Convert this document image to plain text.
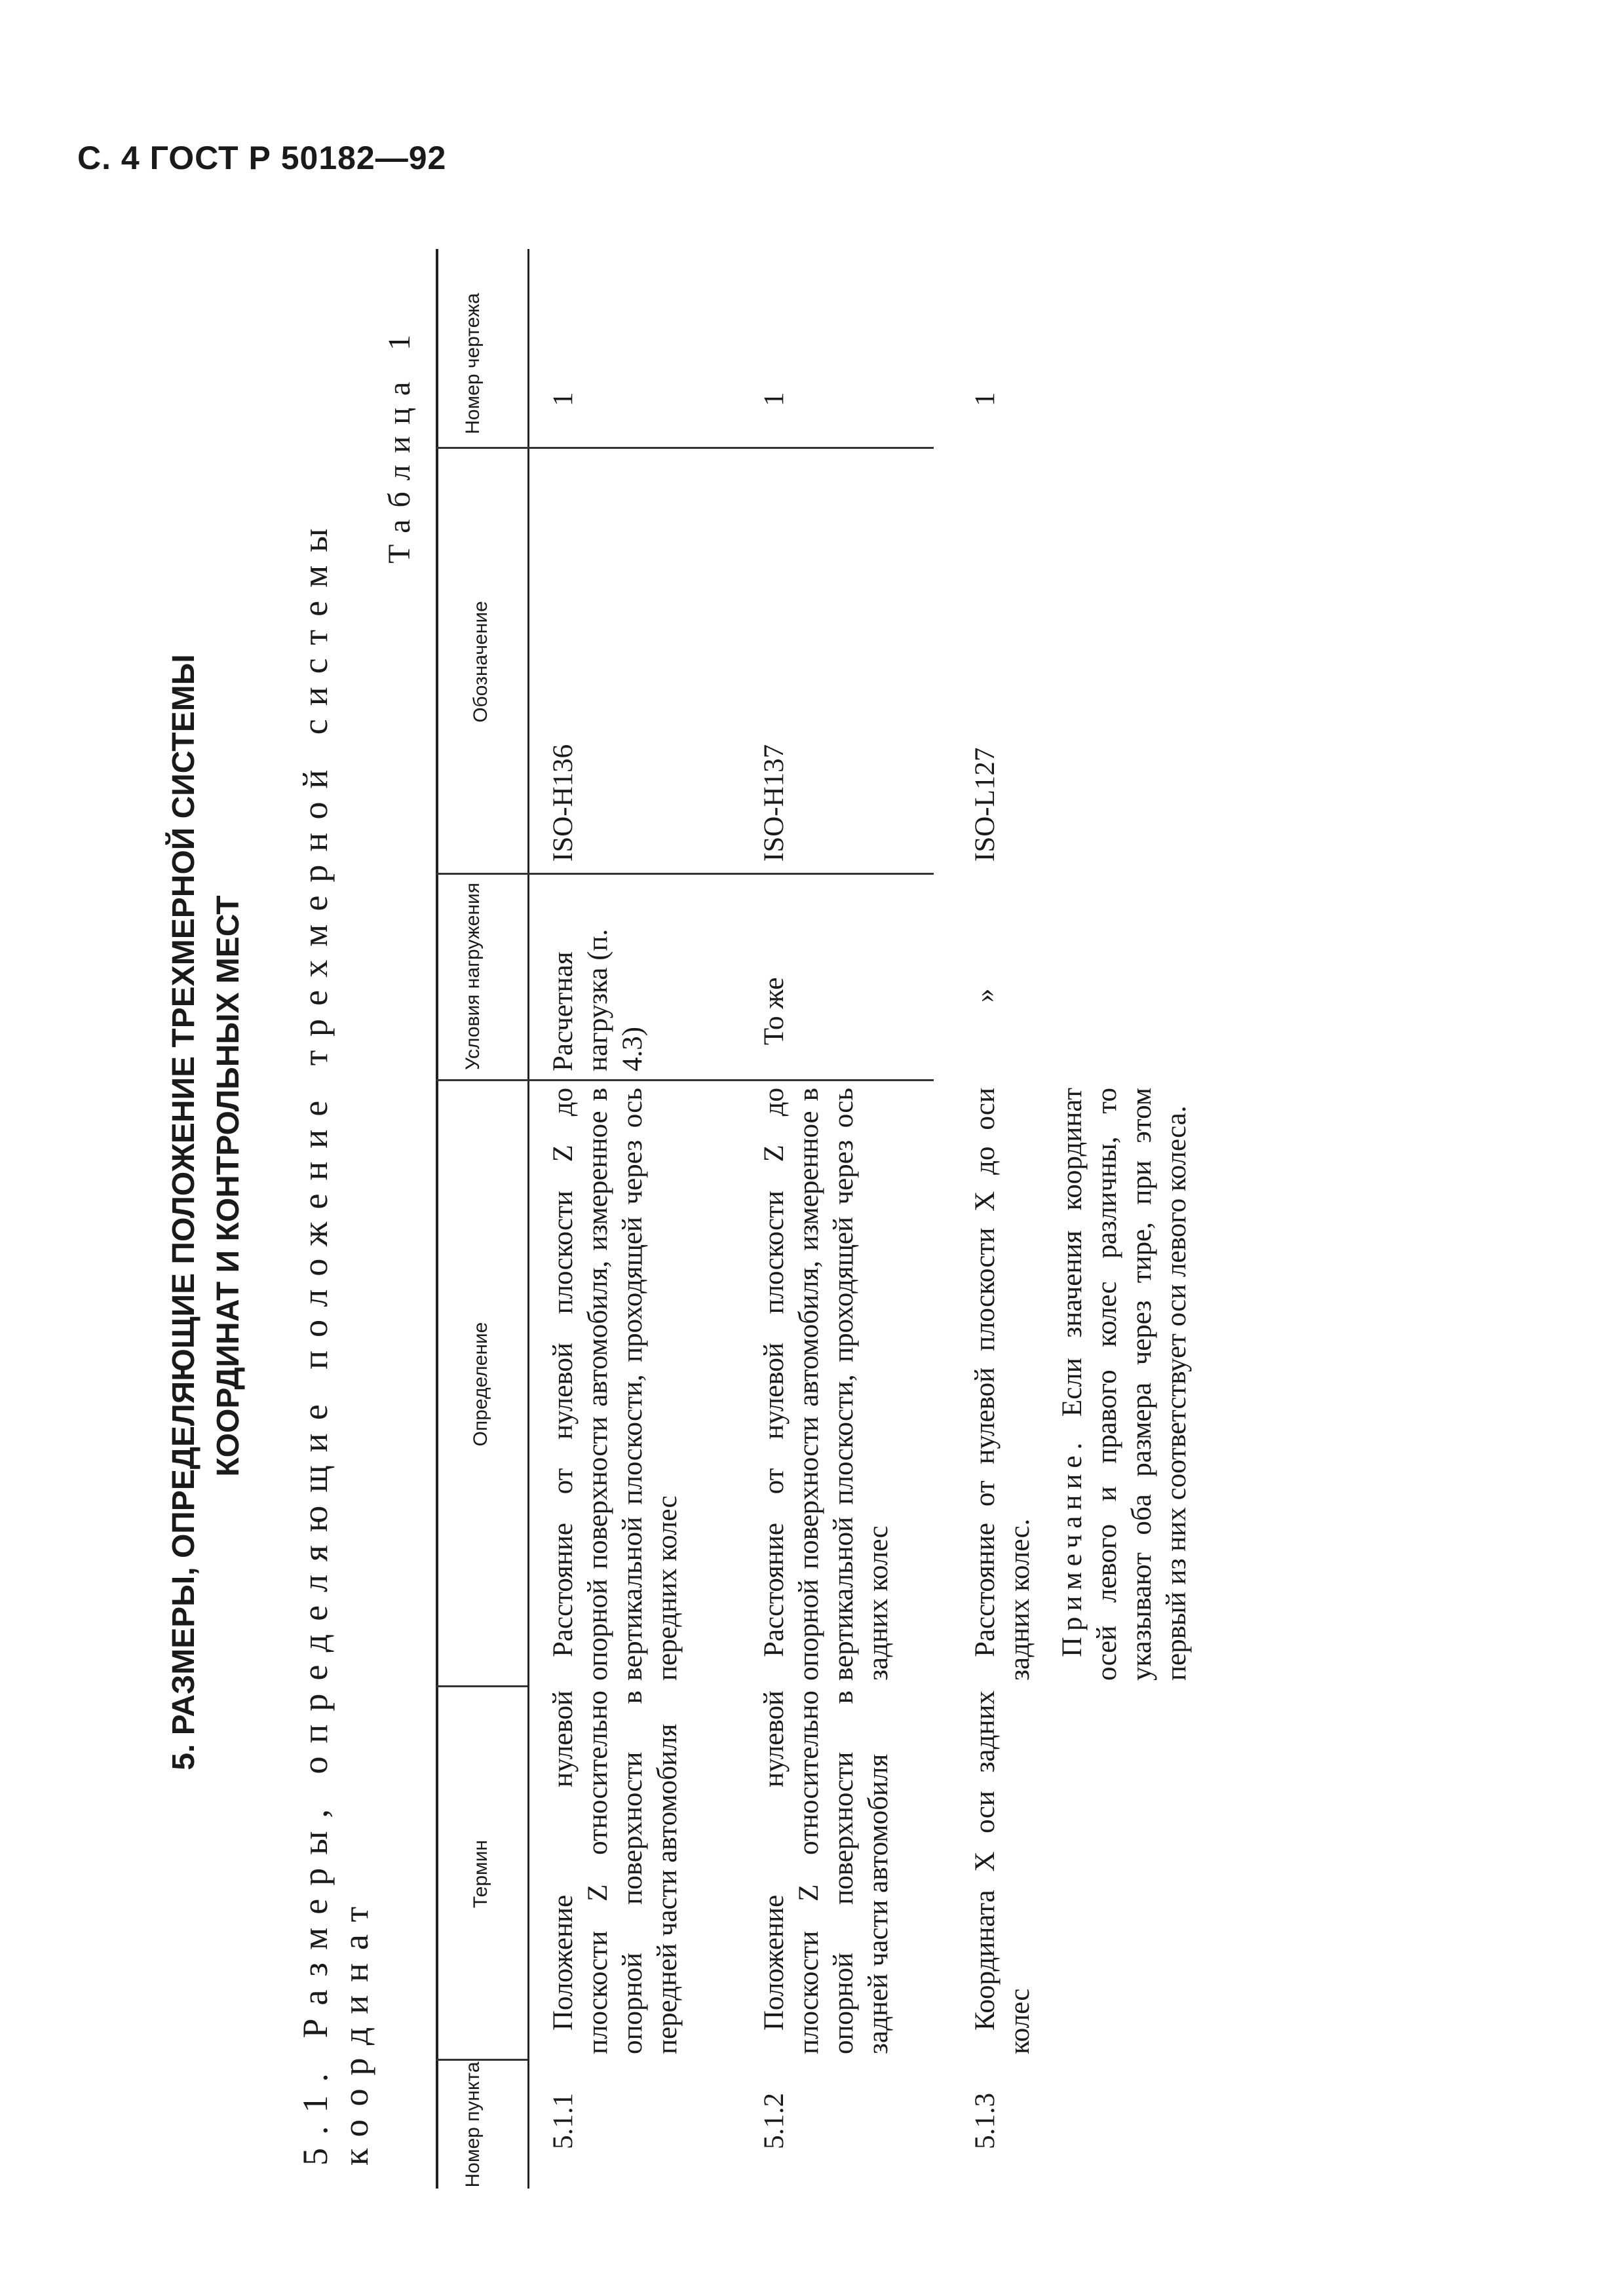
С. 4 ГОСТ Р 50182—92
5. РАЗМЕРЫ, ОПРЕДЕЛЯЮЩИЕ ПОЛОЖЕНИЕ ТРЕХМЕРНОЙ СИСТЕМЫ КООРДИНАТ И КОНТРОЛЬНЫХ МЕСТ 5.1. Размеры, определяющие положение трехмерной системы координат
Таблица 1
Номер пункта
Термин
Определение
Условия нагружения
Обозначение
Номер чертежа
5.1.1
Положение нулевой плоскости Z относительно опорной поверхности в передней части автомобиля
Расстояние от нулевой плоскости Z до опорной поверхности автомобиля, измеренное в вертикальной плоскости, проходящей через ось передних колес
Расчетная нагрузка (п. 4.3)
ISO-H136
1
5.1.2
Положение нулевой плоскости Z относительно опорной поверхности в задней части автомобиля
Расстояние от нулевой плоскости Z до опорной поверхности автомобиля, измеренное в вертикальной плоскости, проходящей через ось задних колес
То же
ISO-H137
1
5.1.3
Координата X оси задних колес
Расстояние от нулевой плоскости X до оси задних колес. Примечание. Если значения координат осей левого и правого колес различны, то указывают оба размера через тире, при этом первый из них соответствует оси левого колеса.
»
ISO-L127
1
